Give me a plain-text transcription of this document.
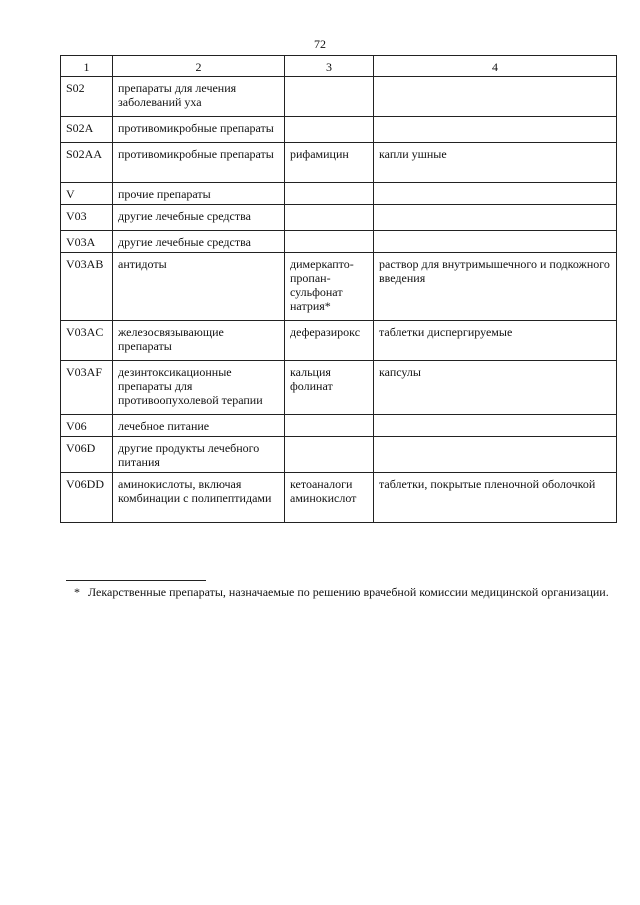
72
1	2	3	4
S02	препараты для лечения заболеваний уха		
S02A	противомикробные препараты		
S02AA	противомикробные препараты	рифамицин	капли ушные
V	прочие препараты		
V03	другие лечебные средства		
V03A	другие лечебные средства		
V03AB	антидоты	димеркапто-пропан-сульфонат натрия*	раствор для внутримышечного и подкожного введения
V03AC	железосвязывающие препараты	деферазирокс	таблетки диспергируемые
V03AF	дезинтоксикационные препараты для противоопухолевой терапии	кальция фолинат	капсулы
V06	лечебное питание		
V06D	другие продукты лечебного питания		
V06DD	аминокислоты, включая комбинации с полипептидами	кетоаналоги аминокислот	таблетки, покрытые пленочной оболочкой
* Лекарственные препараты, назначаемые по решению врачебной комиссии медицинской организации.
